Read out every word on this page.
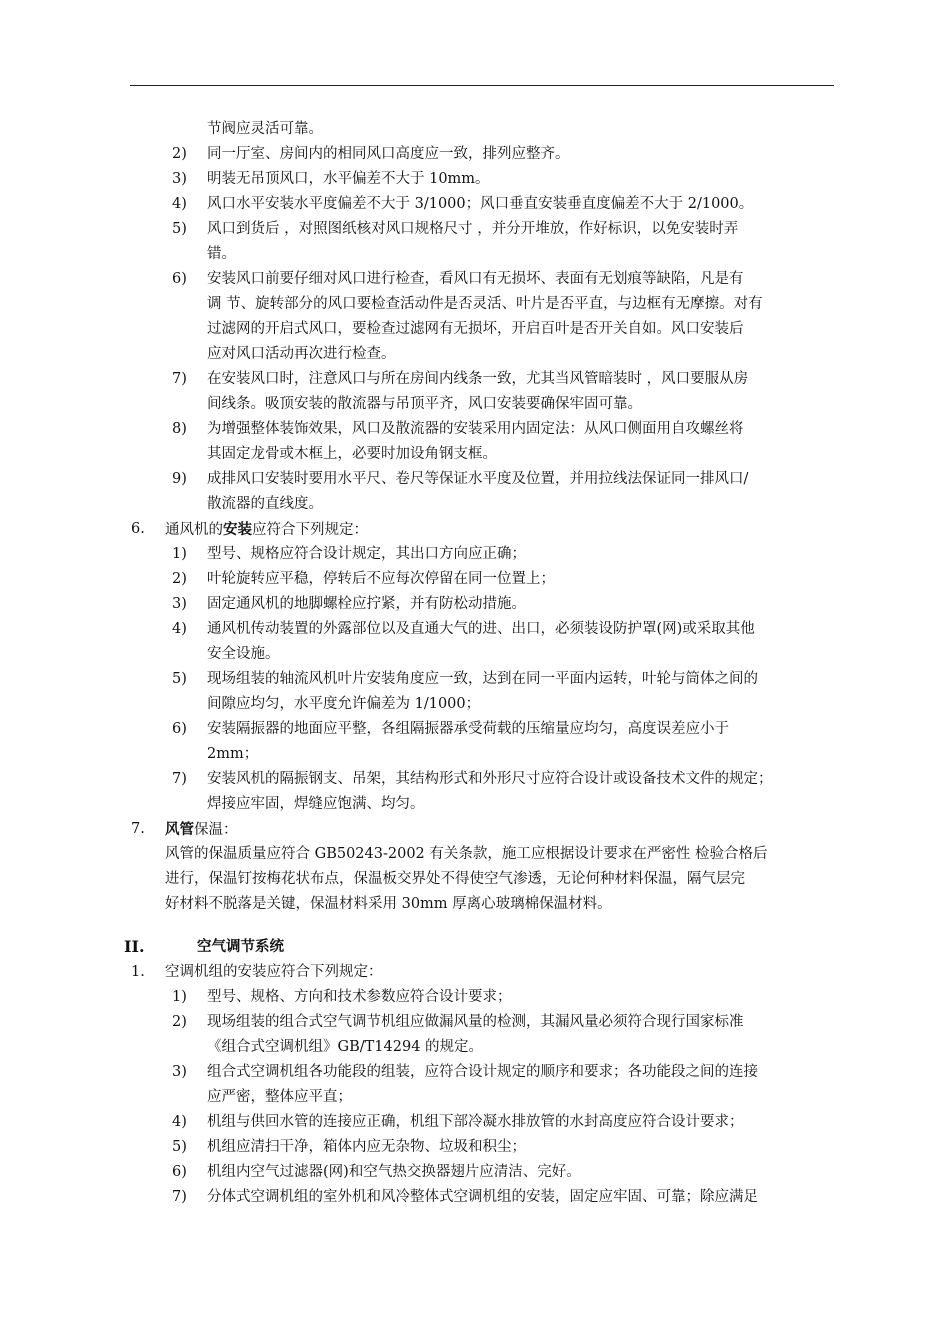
节阀应灵活可靠。
2) 同一厅室、房间内的相同风口高度应一致，排列应整齐。
3) 明装无吊顶风口，水平偏差不大于 10mm。
4) 风口水平安装水平度偏差不大于 3/1000；风口垂直安装垂直度偏差不大于 2/1000。
5) 风口到货后 ，对照图纸核对风口规格尺寸 ，并分开堆放，作好标识，以免安装时弄
错。
6) 安装风口前要仔细对风口进行检查，看风口有无损坏、表面有无划痕等缺陷，凡是有
调 节、旋转部分的风口要检查活动件是否灵活、叶片是否平直，与边框有无摩擦。对有
过滤网的开启式风口，要检查过滤网有无损坏，开启百叶是否开关自如。风口安装后
应对风口活动再次进行检查。
7) 在安装风口时，注意风口与所在房间内线条一致，尤其当风管暗装时 ，风口要服从房
间线条。吸顶安装的散流器与吊顶平齐，风口安装要确保牢固可靠。
8) 为增强整体装饰效果，风口及散流器的安装采用内固定法：从风口侧面用自攻螺丝将
其固定龙骨或木框上，必要时加设角钢支框。
9) 成排风口安装时要用水平尺、卷尺等保证水平度及位置，并用拉线法保证同一排风口/
散流器的直线度。
6. 通风机的安装应符合下列规定：
1) 型号、规格应符合设计规定，其出口方向应正确；
2) 叶轮旋转应平稳，停转后不应每次停留在同一位置上；
3) 固定通风机的地脚螺栓应拧紧，并有防松动措施。
4) 通风机传动装置的外露部位以及直通大气的进、出口，必须装设防护罩(网)或采取其他
安全设施。
5) 现场组装的轴流风机叶片安装角度应一致，达到在同一平面内运转，叶轮与筒体之间的
间隙应均匀，水平度允许偏差为 1/1000；
6) 安装隔振器的地面应平整，各组隔振器承受荷载的压缩量应均匀，高度误差应小于
2mm；
7) 安装风机的隔振钢支、吊架，其结构形式和外形尺寸应符合设计或设备技术文件的规定；
焊接应牢固，焊缝应饱满、均匀。
7. 风管保温：
风管的保温质量应符合 GB50243-2002 有关条款，施工应根据设计要求在严密性 检验合格后
进行，保温钉按梅花状布点，保温板交界处不得使空气渗透，无论何种材料保温，隔气层完
好材料不脱落是关键，保温材料采用 30mm 厚离心玻璃棉保温材料。
II.	空气调节系统
1. 空调机组的安装应符合下列规定：
1) 型号、规格、方向和技术参数应符合设计要求；
2) 现场组装的组合式空气调节机组应做漏风量的检测，其漏风量必须符合现行国家标准
《组合式空调机组》GB/T14294 的规定。
3) 组合式空调机组各功能段的组装，应符合设计规定的顺序和要求；各功能段之间的连接
应严密，整体应平直；
4) 机组与供回水管的连接应正确，机组下部冷凝水排放管的水封高度应符合设计要求；
5) 机组应清扫干净，箱体内应无杂物、垃圾和积尘；
6) 机组内空气过滤器(网)和空气热交换器翅片应清洁、完好。
7) 分体式空调机组的室外机和风冷整体式空调机组的安装，固定应牢固、可靠；除应满足
